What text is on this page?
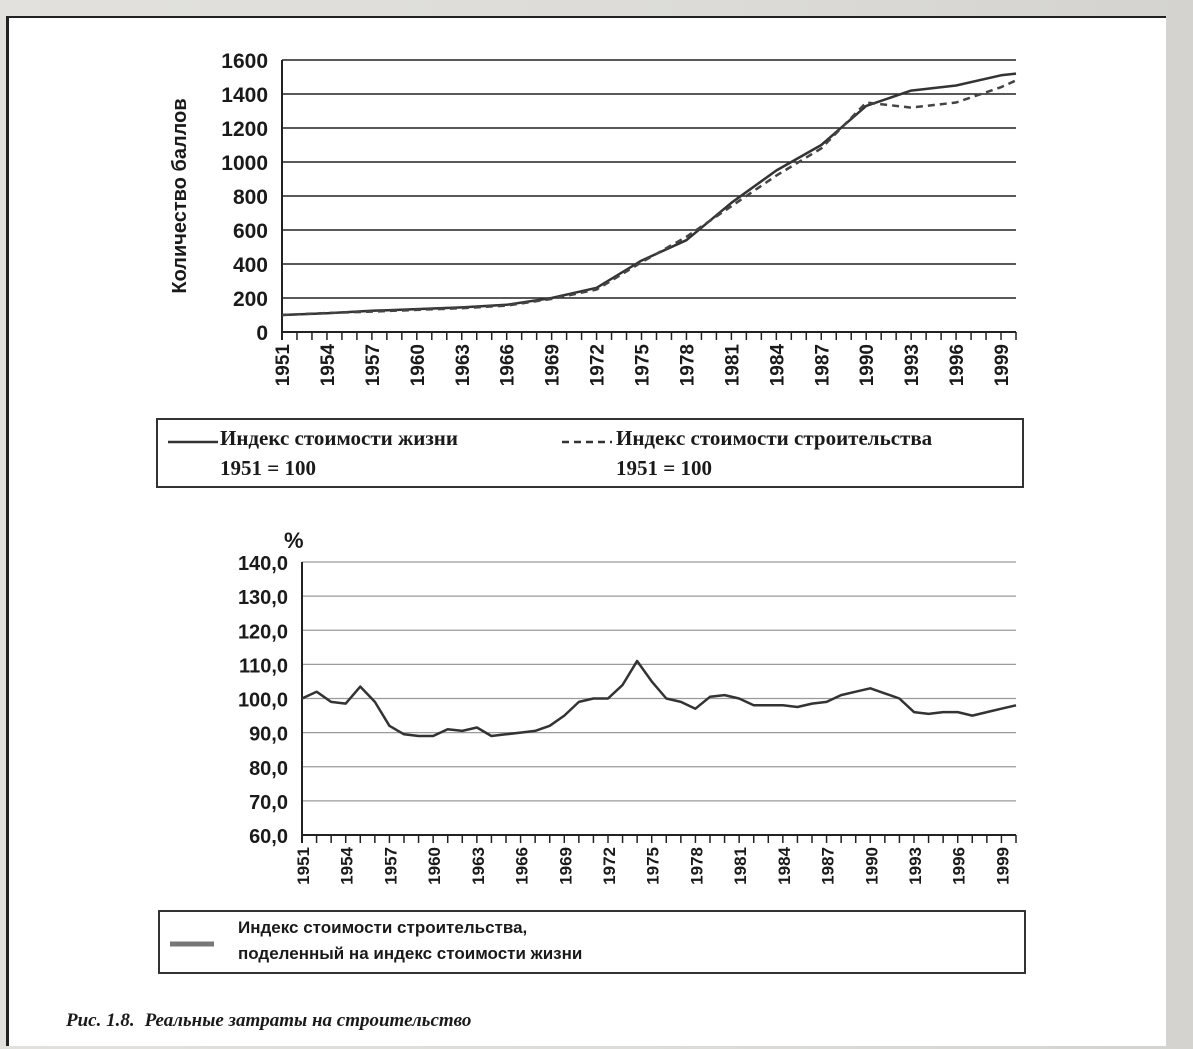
0
200
400
600
800
1000
1200
1400
1600
1951 1954 1957 1960 1963 1966 1969 1972 1975 1978 1981 1984 1987 1990 1993 1996 1999
Количество баллов
Индекс стоимости жизни
1951 = 100
Индекс стоимости строительства
1951 = 100
60,0
70,0
80,0
90,0
100,0
110,0
120,0
130,0
140,0
1951 1954 1957 1960 1963 1966 1969 1972 1975 1978 1981 1984 1987 1990 1993 1996 1999
%
Индекс стоимости строительства,
поделенный на индекс стоимости жизни
Рис. 1.8. Реальные затраты на строительство
